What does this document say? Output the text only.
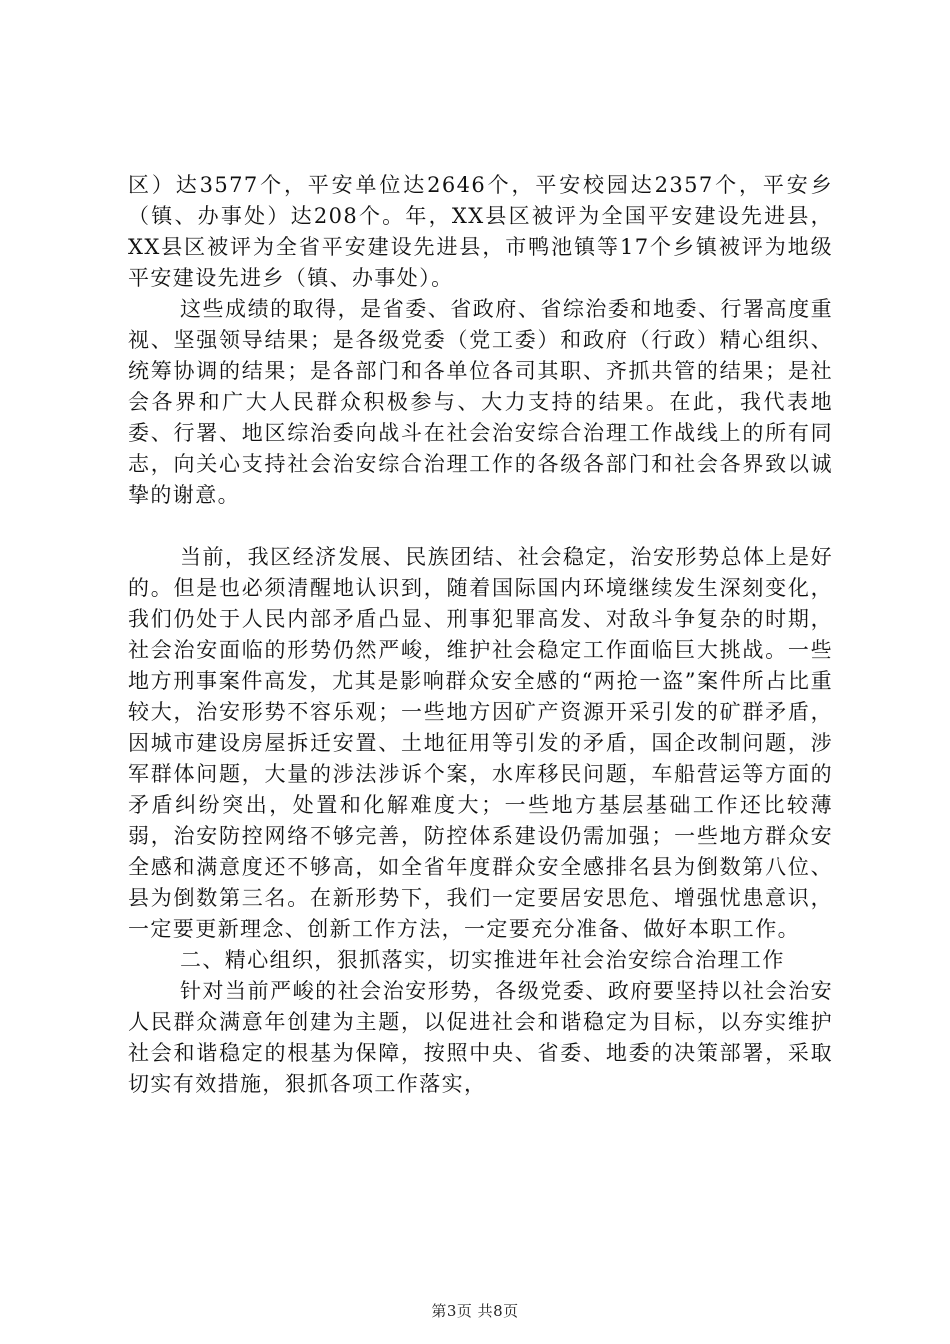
区）达3577个，平安单位达2646个，平安校园达2357个，平安乡（镇、办事处）达208个。年，XX县区被评为全国平安建设先进县，XX县区被评为全省平安建设先进县，市鸭池镇等17个乡镇被评为地级平安建设先进乡（镇、办事处）。

这些成绩的取得，是省委、省政府、省综治委和地委、行署高度重视、坚强领导结果；是各级党委（党工委）和政府（行政）精心组织、统筹协调的结果；是各部门和各单位各司其职、齐抓共管的结果；是社会各界和广大人民群众积极参与、大力支持的结果。在此，我代表地委、行署、地区综治委向战斗在社会治安综合治理工作战线上的所有同志，向关心支持社会治安综合治理工作的各级各部门和社会各界致以诚挚的谢意。

当前，我区经济发展、民族团结、社会稳定，治安形势总体上是好的。但是也必须清醒地认识到，随着国际国内环境继续发生深刻变化，我们仍处于人民内部矛盾凸显、刑事犯罪高发、对敌斗争复杂的时期，社会治安面临的形势仍然严峻，维护社会稳定工作面临巨大挑战。一些地方刑事案件高发，尤其是影响群众安全感的“两抢一盗”案件所占比重较大，治安形势不容乐观；一些地方因矿产资源开采引发的矿群矛盾，因城市建设房屋拆迁安置、土地征用等引发的矛盾，国企改制问题，涉军群体问题，大量的涉法涉诉个案，水库移民问题，车船营运等方面的矛盾纠纷突出，处置和化解难度大；一些地方基层基础工作还比较薄弱，治安防控网络不够完善，防控体系建设仍需加强；一些地方群众安全感和满意度还不够高，如全省年度群众安全感排名县为倒数第八位、县为倒数第三名。在新形势下，我们一定要居安思危、增强忧患意识，一定要更新理念、创新工作方法，一定要充分准备、做好本职工作。

二、精心组织，狠抓落实，切实推进年社会治安综合治理工作

针对当前严峻的社会治安形势，各级党委、政府要坚持以社会治安人民群众满意年创建为主题，以促进社会和谐稳定为目标，以夯实维护社会和谐稳定的根基为保障，按照中央、省委、地委的决策部署，采取切实有效措施，狠抓各项工作落实，

第3页 共8页
